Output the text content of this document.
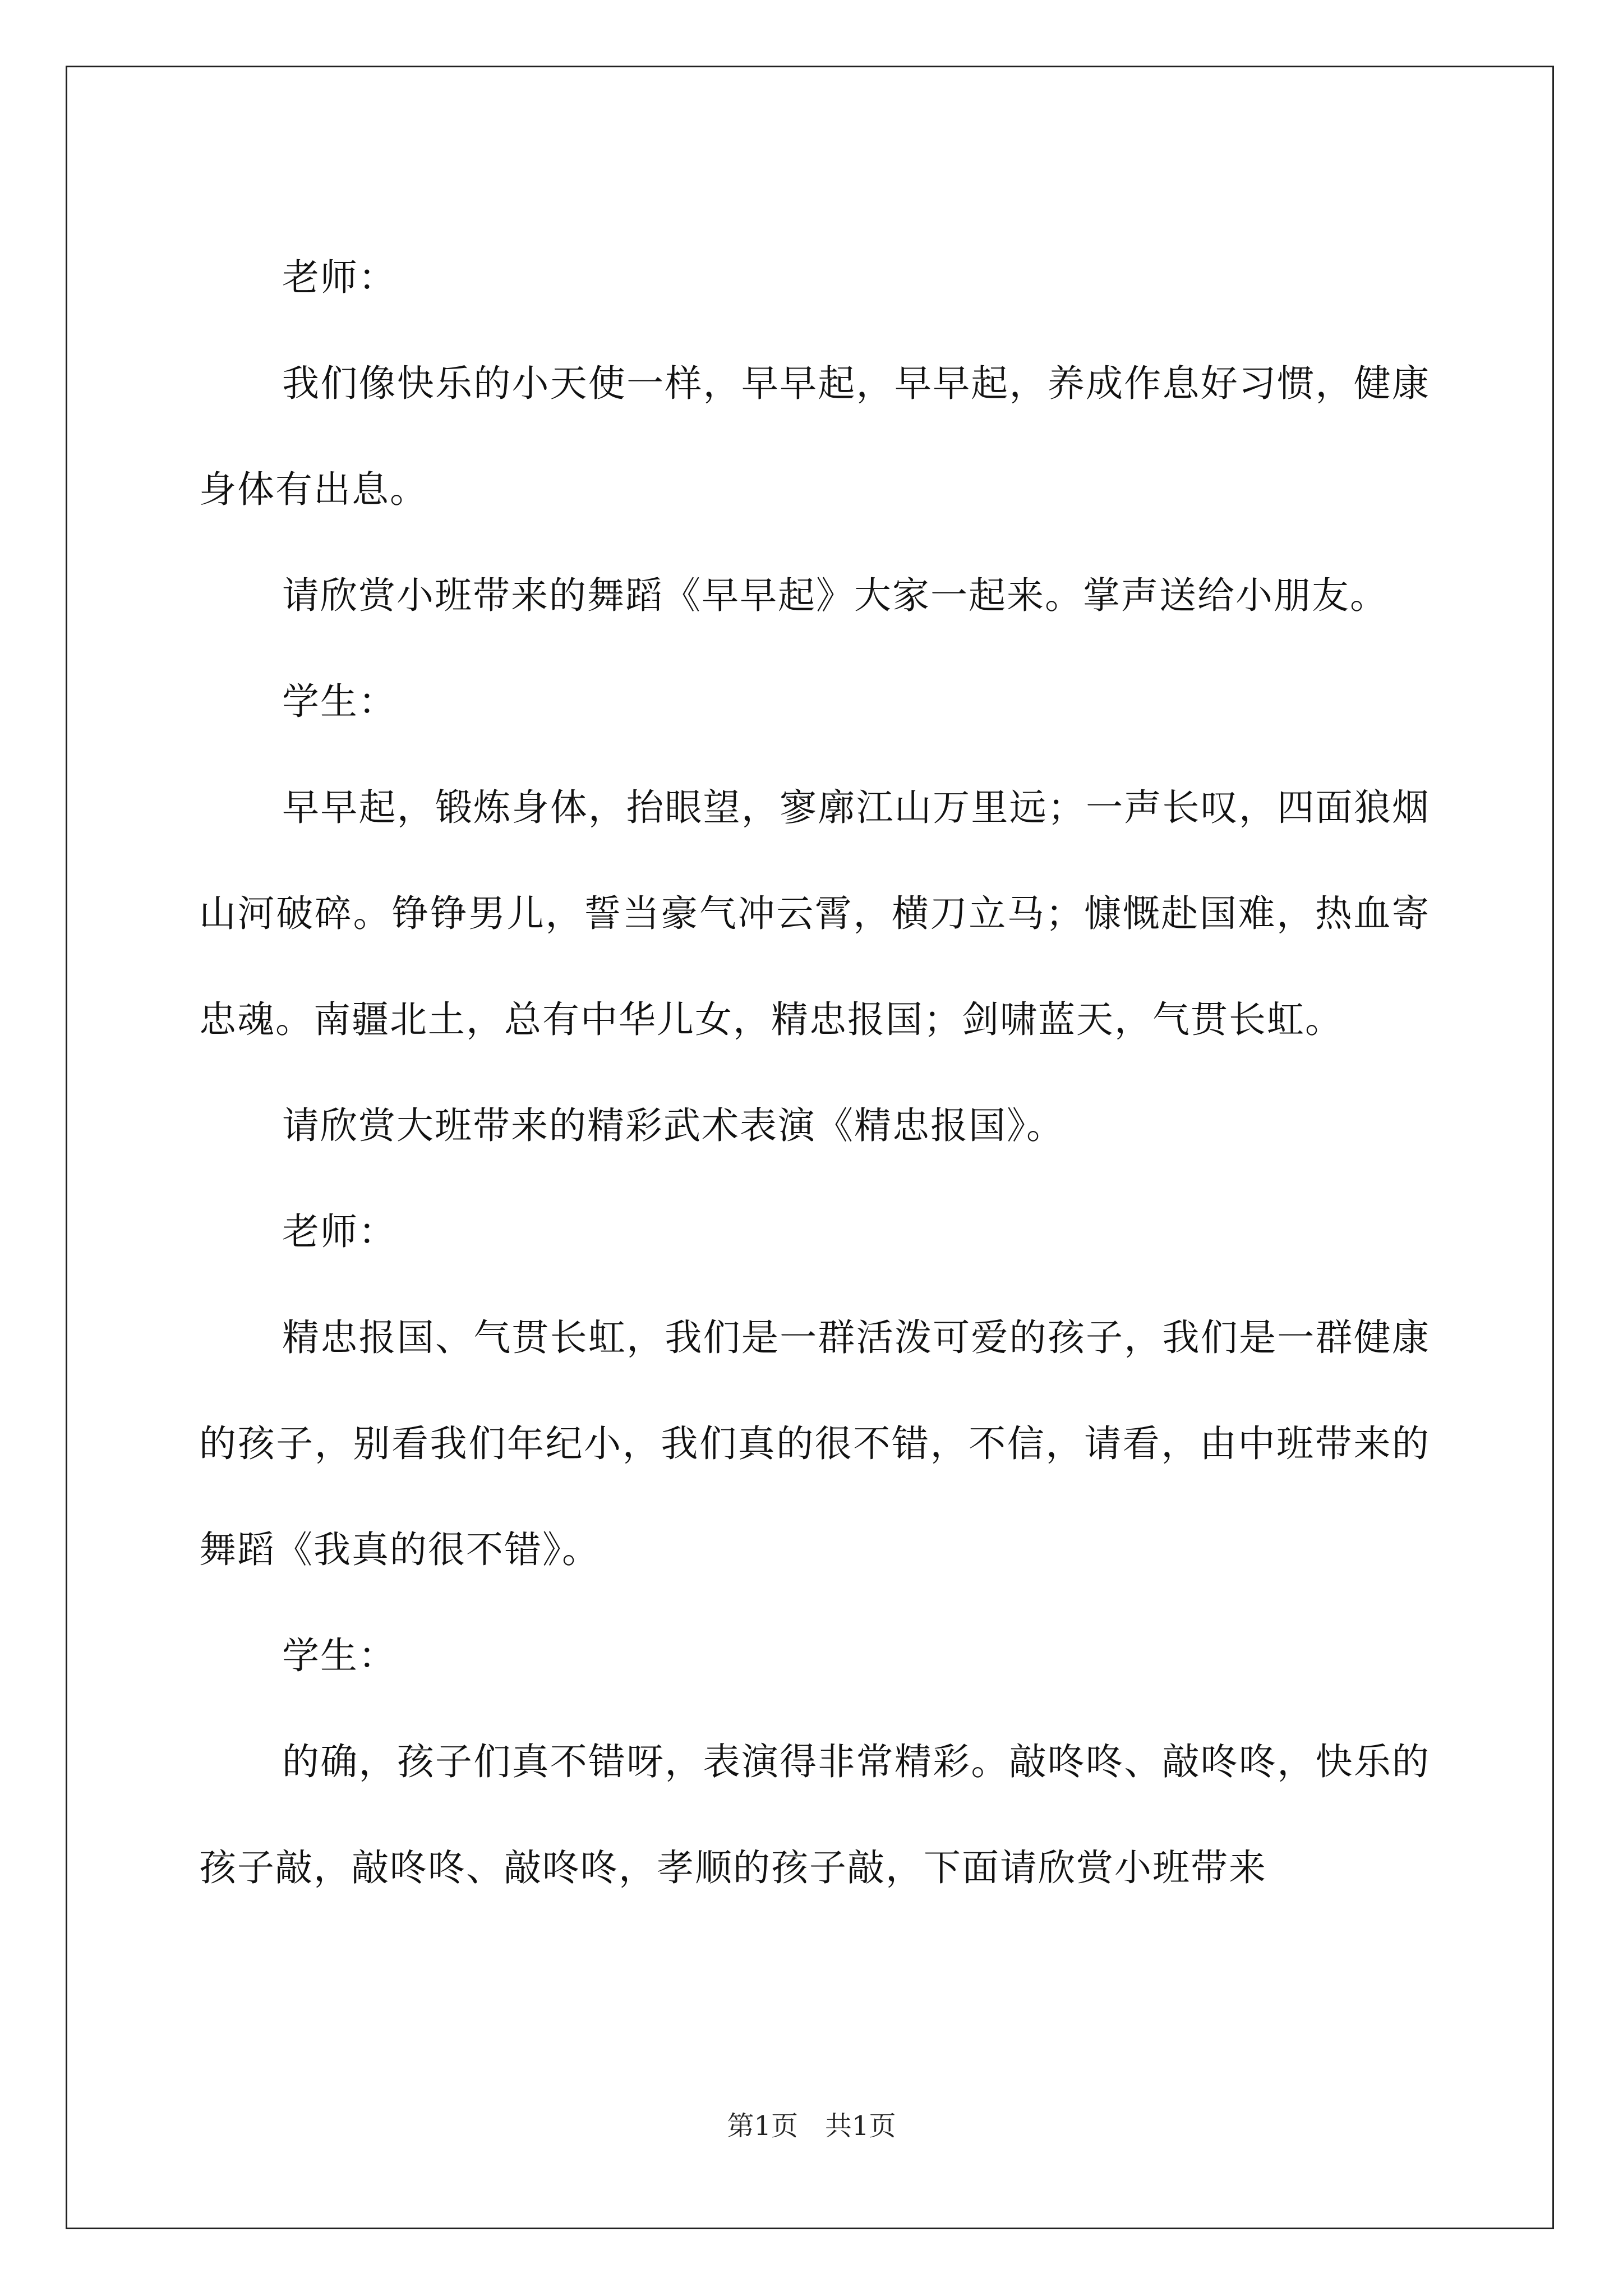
老师：

我们像快乐的小天使一样，早早起，早早起，养成作息好习惯，健康身体有出息。

请欣赏小班带来的舞蹈《早早起》大家一起来。掌声送给小朋友。

学生：

早早起，锻炼身体，抬眼望，寥廓江山万里远；一声长叹，四面狼烟山河破碎。铮铮男儿，誓当豪气冲云霄，横刀立马；慷慨赴国难，热血寄忠魂。南疆北土，总有中华儿女，精忠报国；剑啸蓝天，气贯长虹。

请欣赏大班带来的精彩武术表演《精忠报国》。

老师：

精忠报国、气贯长虹，我们是一群活泼可爱的孩子，我们是一群健康的孩子，别看我们年纪小，我们真的很不错，不信，请看，由中班带来的舞蹈《我真的很不错》。

学生：

的确，孩子们真不错呀，表演得非常精彩。敲咚咚、敲咚咚，快乐的孩子敲，敲咚咚、敲咚咚，孝顺的孩子敲，下面请欣赏小班带来

第1页　共1页
